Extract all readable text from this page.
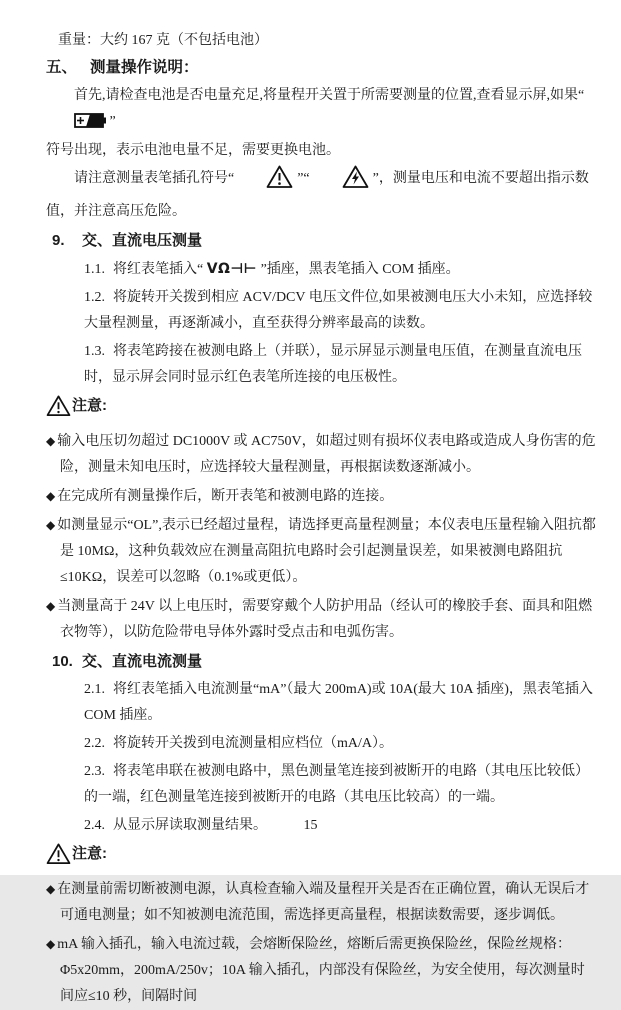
重量：大约 167 克（不包括电池）

五、 测量操作说明：

首先,请检查电池是否电量充足,将量程开关置于所需要测量的位置,查看显示屏,如果“  ”
符号出现，表示电池电量不足，需要更换电池。

请注意测量表笔插孔符号“	”“	”，测量电压和电流不要超出指示数值，并注意高压危险。

9. 交、直流电压测量

1.1. 将红表笔插入“ VΩ⊣⊢ ”插座，黑表笔插入 COM 插座。

1.2. 将旋转开关拨到相应 ACV/DCV 电压文件位,如果被测电压大小未知，应选择较大量程测量，再逐渐减小，直至获得分辨率最高的读数。

1.3. 将表笔跨接在被测电路上（并联），显示屏显示测量电压值，在测量直流电压时，显示屏会同时显示红色表笔所连接的电压极性。

注意:

◆ 输入电压切勿超过 DC1000V 或 AC750V，如超过则有损坏仪表电路或造成人身伤害的危险，测量未知电压时，应选择较大量程测量，再根据读数逐渐减小。

◆ 在完成所有测量操作后，断开表笔和被测电路的连接。

◆ 如测量显示“OL”,表示已经超过量程，请选择更高量程测量；本仪表电压量程输入阻抗都是 10MΩ，这种负载效应在测量高阻抗电路时会引起测量误差，如果被测电路阻抗≤10KΩ，误差可以忽略（0.1%或更低）。

◆ 当测量高于 24V 以上电压时，需要穿戴个人防护用品（经认可的橡胶手套、面具和阻燃衣物等），以防危险带电导体外露时受点击和电弧伤害。

10. 交、直流电流测量

2.1. 将红表笔插入电流测量“mA”（最大 200mA)或 10A(最大 10A 插座)，黑表笔插入 COM 插座。

2.2. 将旋转开关拨到电流测量相应档位（mA/A）。

2.3. 将表笔串联在被测电路中，黑色测量笔连接到被断开的电路（其电压比较低）的一端，红色测量笔连接到被断开的电路（其电压比较高）的一端。

2.4. 从显示屏读取测量结果。

注意:

◆ 在测量前需切断被测电源，认真检查输入端及量程开关是否在正确位置，确认无误后才可通电测量；如不知被测电流范围，需选择更高量程，根据读数需要，逐步调低。

◆ mA 输入插孔，输入电流过载，会熔断保险丝，熔断后需更换保险丝，保险丝规格：Φ5x20mm，200mA/250v；10A 输入插孔，内部没有保险丝，为安全使用，每次测量时间应≤10 秒，间隔时间

15
